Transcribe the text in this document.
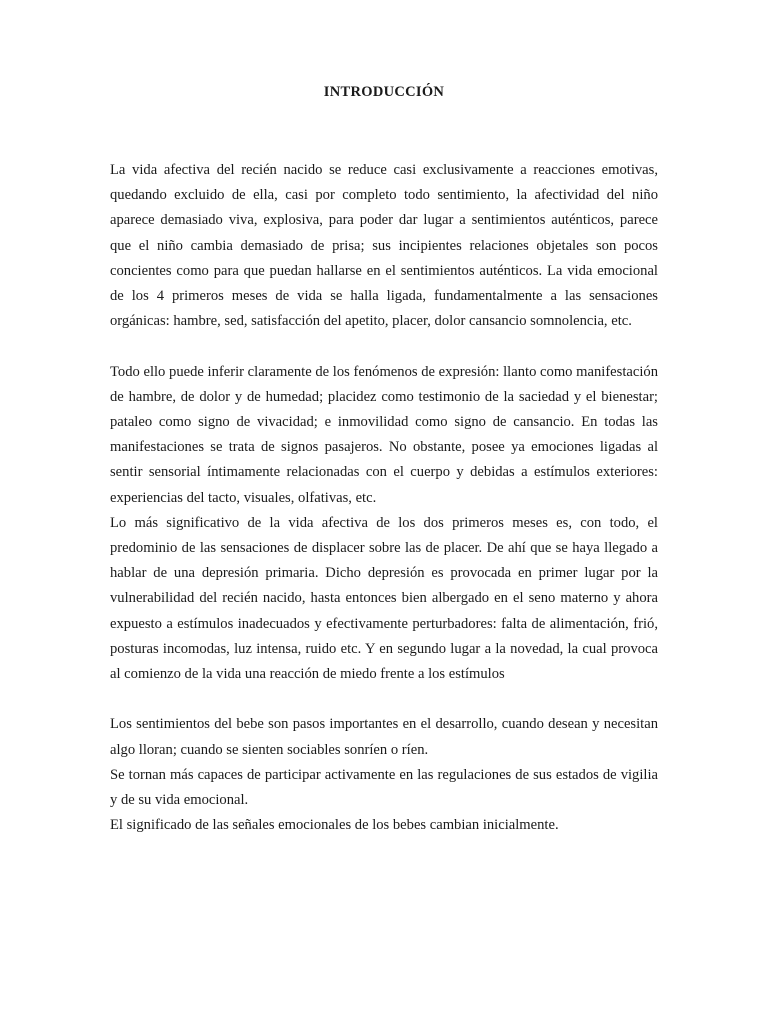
INTRODUCCIÓN

La vida afectiva del recién nacido se reduce casi exclusivamente a reacciones emotivas, quedando excluido de ella, casi por completo todo sentimiento, la afectividad del niño aparece demasiado viva, explosiva, para poder dar lugar a sentimientos auténticos, parece que el niño cambia demasiado de prisa; sus incipientes relaciones objetales son pocos concientes como para que puedan hallarse en el sentimientos auténticos. La vida emocional de los 4 primeros meses de vida se halla ligada, fundamentalmente a las sensaciones orgánicas: hambre, sed, satisfacción del apetito, placer, dolor cansancio somnolencia, etc.

Todo ello puede inferir claramente de los fenómenos de expresión: llanto como manifestación de hambre, de dolor y de humedad; placidez como testimonio de la saciedad y el bienestar; pataleo como signo de vivacidad; e inmovilidad como signo de cansancio. En todas las manifestaciones se trata de signos pasajeros. No obstante, posee ya emociones ligadas al sentir sensorial íntimamente relacionadas con el cuerpo y debidas a estímulos exteriores: experiencias del tacto, visuales, olfativas, etc.

Lo más significativo de la vida afectiva de los dos primeros meses es, con todo, el predominio de las sensaciones de displacer sobre las de placer. De ahí que se haya llegado a hablar de una depresión primaria. Dicho depresión es provocada en primer lugar por la vulnerabilidad del recién nacido, hasta entonces bien albergado en el seno materno y ahora expuesto a estímulos inadecuados y efectivamente perturbadores: falta de alimentación, frió, posturas incomodas, luz intensa, ruido etc. Y en segundo lugar a la novedad, la cual provoca al comienzo de la vida una reacción de miedo frente a los estímulos

Los sentimientos del bebe son pasos importantes en el desarrollo, cuando desean y necesitan algo lloran; cuando se sienten sociables sonríen o ríen.

Se tornan más capaces de participar activamente en las regulaciones de sus estados de vigilia y de su vida emocional.

El significado de las señales emocionales de los bebes cambian inicialmente.
